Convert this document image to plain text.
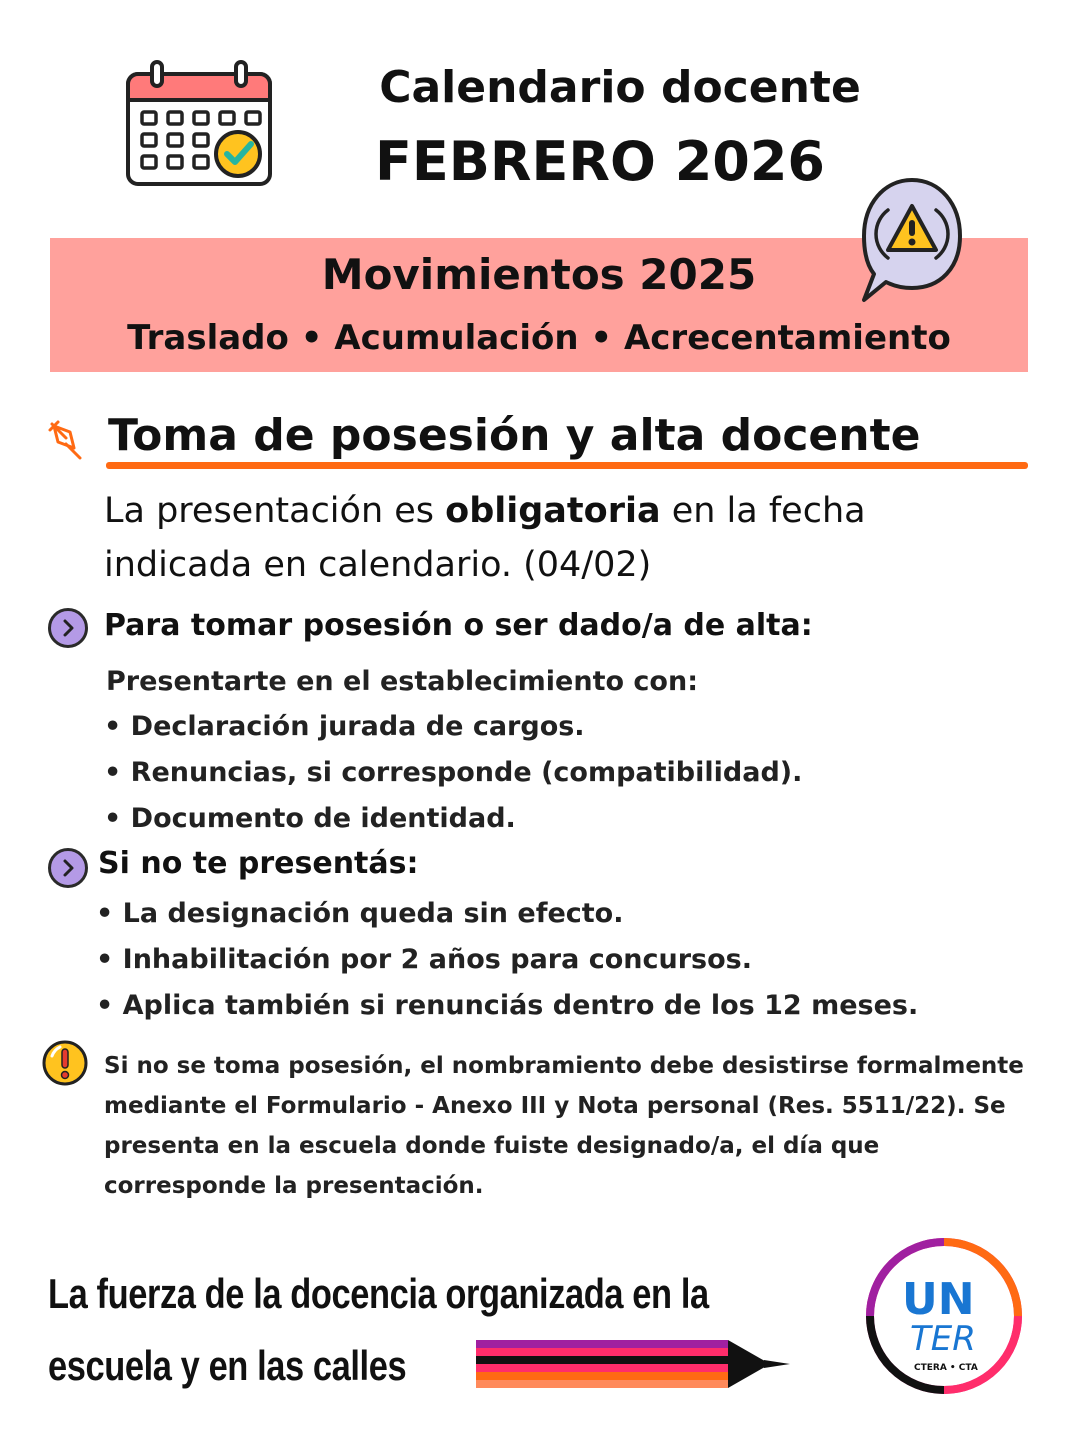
Calendario docente
FEBRERO 2026
Movimientos 2025
Traslado • Acumulación • Acrecentamiento
Toma de posesión y alta docente
La presentación es obligatoria en la fecha indicada en calendario. (04/02)
Para tomar posesión o ser dado/a de alta:
Presentarte en el establecimiento con:
• Declaración jurada de cargos.
• Renuncias, si corresponde (compatibilidad).
• Documento de identidad.
Si no te presentás:
• La designación queda sin efecto.
• Inhabilitación por 2 años para concursos.
• Aplica también si renunciás dentro de los 12 meses.
Si no se toma posesión, el nombramiento debe desistirse formalmente mediante el Formulario - Anexo III y Nota personal (Res. 5511/22). Se presenta en la escuela donde fuiste designado/a, el día que corresponde la presentación.
La fuerza de la docencia organizada en la
escuela y en las calles
UN
TER
CTERA • CTA
